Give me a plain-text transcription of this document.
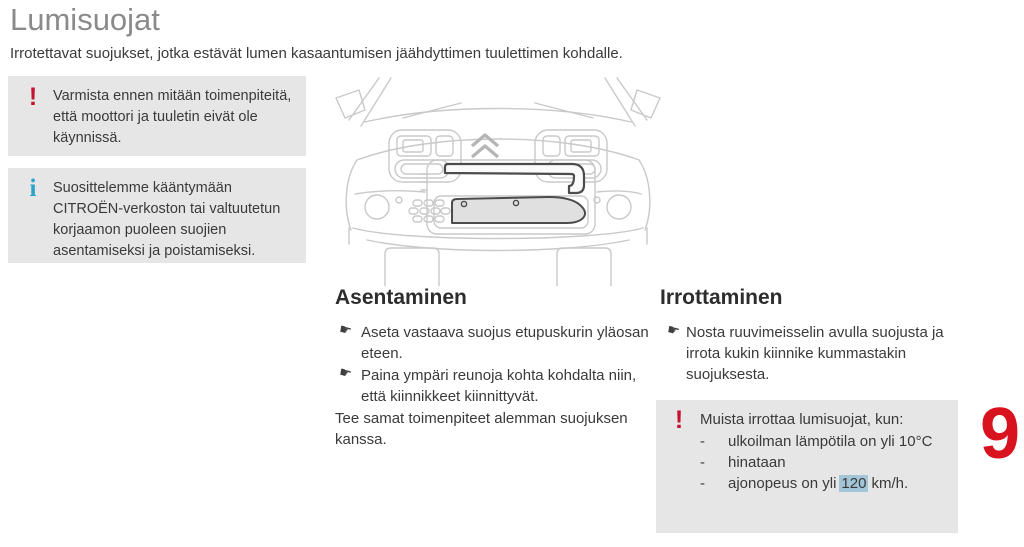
Lumisuojat
Irrotettavat suojukset, jotka estävät lumen kasaantumisen jäähdyttimen tuulettimen kohdalle.
!	Varmista ennen mitään toimenpiteitä, että moottori ja tuuletin eivät ole käynnissä.
i	Suosittelemme kääntymään CITROËN-verkoston tai valtuutetun korjaamon puoleen suojien asentamiseksi ja poistamiseksi.
Asentaminen
☛ Aseta vastaava suojus etupuskurin yläosan eteen.
☛ Paina ympäri reunoja kohta kohdalta niin, että kiinnikkeet kiinnittyvät.

Tee samat toimenpiteet alemman suojuksen kanssa.

Irrottaminen
☛ Nosta ruuvimeisselin avulla suojusta ja irrota kukin kiinnike kummastakin suojuksesta.
!	Muista irrottaa lumisuojat, kun:
-	ulkoilman lämpötila on yli 10°C
-	hinataan
-	ajonopeus on yli 120 km/h.
9
